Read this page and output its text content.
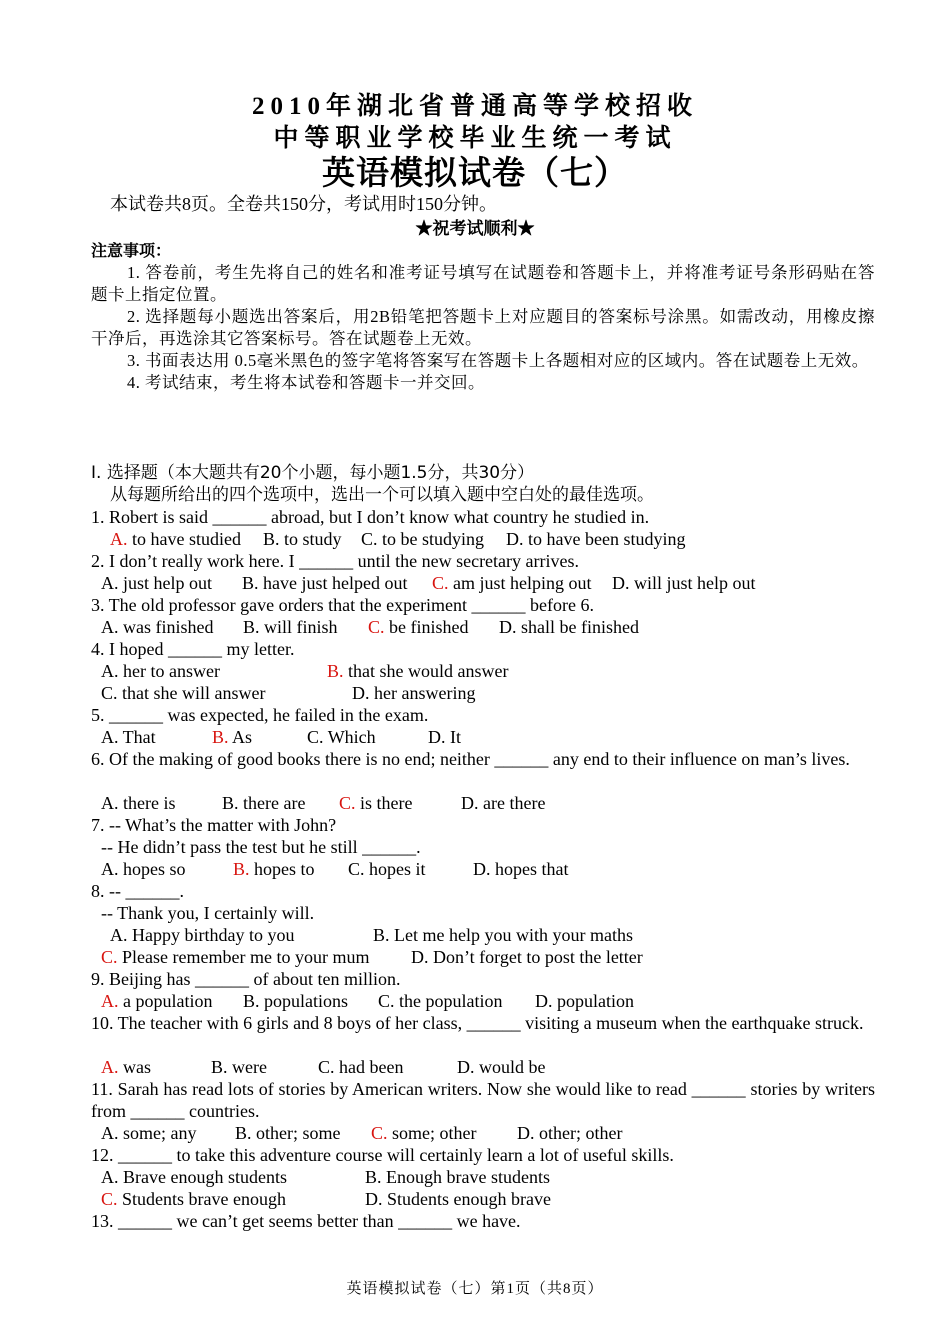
2010年湖北省普通高等学校招收
中等职业学校毕业生统一考试
英语模拟试卷（七）
本试卷共8页。全卷共150分，考试用时150分钟。
★祝考试顺利★
注意事项：
1. 答卷前，考生先将自己的姓名和准考证号填写在试题卷和答题卡上，并将准考证号条形码贴在答题卡上指定位置。
2. 选择题每小题选出答案后，用2B铅笔把答题卡上对应题目的答案标号涂黑。如需改动，用橡皮擦干净后，再选涂其它答案标号。答在试题卷上无效。
3. 书面表达用 0.5毫米黑色的签字笔将答案写在答题卡上各题相对应的区域内。答在试题卷上无效。
4. 考试结束，考生将本试卷和答题卡一并交回。
I. 选择题（本大题共有20个小题，每小题1.5分，共30分）
从每题所给出的四个选项中，选出一个可以填入题中空白处的最佳选项。
1. Robert is said ______ abroad, but I don’t know what country he studied in.
A. to have studied B. to study C. to be studying D. to have been studying
2. I don’t really work here. I ______ until the new secretary arrives.
A. just help out B. have just helped out C. am just helping out D. will just help out
3. The old professor gave orders that the experiment ______ before 6.
A. was finished B. will finish C. be finished D. shall be finished
4. I hoped ______ my letter.
A. her to answer	B. that she would answer
C. that she will answer	D. her answering
5. ______ was expected, he failed in the exam.
A. That	B. As	C. Which	D. It
6. Of the making of good books there is no end; neither ______ any end to their influence on man’s lives.
A. there is	B. there are C. is there	D. are there
7. -- What’s the matter with John?
-- He didn’t pass the test but he still ______.
A. hopes so	B. hopes to C. hopes it	D. hopes that
8. -- ______.
-- Thank you, I certainly will.
A. Happy birthday to you	B. Let me help you with your maths
C. Please remember me to your mum D. Don’t forget to post the letter
9. Beijing has ______ of about ten million.
A. a population B. populations C. the population D. population
10. The teacher with 6 girls and 8 boys of her class, ______ visiting a museum when the earthquake struck.
A. was	B. were	C. had been	D. would be
11. Sarah has read lots of stories by American writers. Now she would like to read ______ stories by writers from ______ countries.
A. some; any B. other; some C. some; other D. other; other
12. ______ to take this adventure course will certainly learn a lot of useful skills.
A. Brave enough students	B. Enough brave students
C. Students brave enough	D. Students enough brave
13. ______ we can’t get seems better than ______ we have.
英语模拟试卷（七）第1页（共8页）
